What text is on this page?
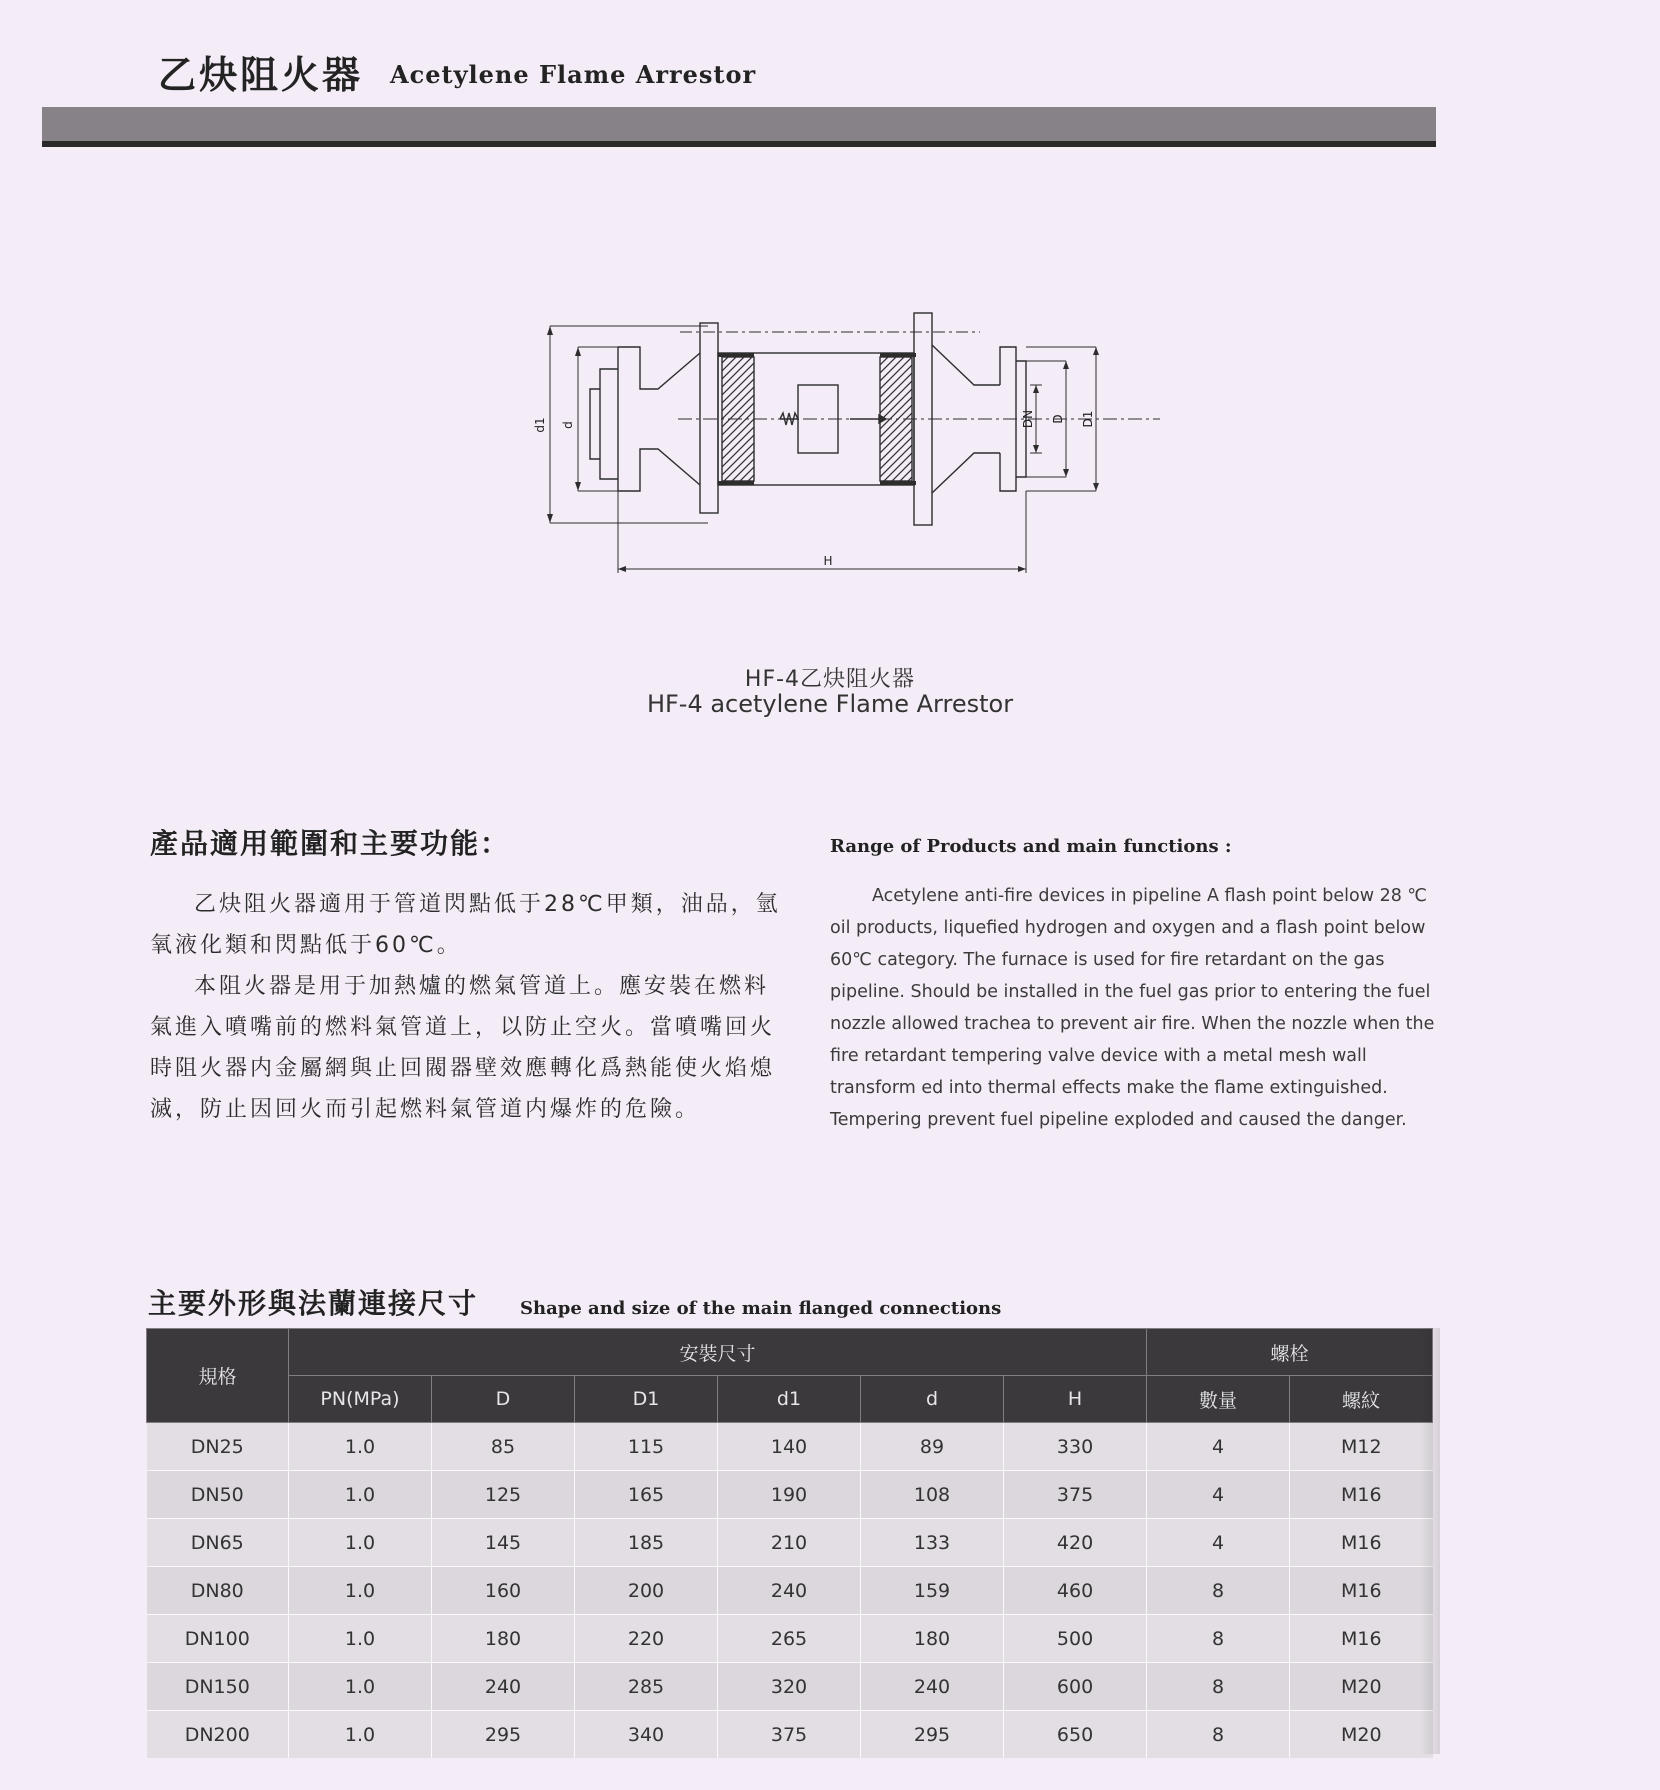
乙炔阻火器 Acetylene Flame Arrestor
d1 d	DN D D1
H
HF-4乙炔阻火器
HF-4 acetylene Flame Arrestor
產品適用範圍和主要功能：

乙炔阻火器適用于管道閃點低于28℃甲類，油品，氫氧液化類和閃點低于60℃。

本阻火器是用于加熱爐的燃氣管道上。應安裝在燃料氣進入噴嘴前的燃料氣管道上，以防止空火。當噴嘴回火時阻火器内金屬網與止回閥器壁效應轉化爲熱能使火焰熄滅，防止因回火而引起燃料氣管道内爆炸的危險。

Range of Products and main functions :
Acetylene anti-fire devices in pipeline A flash point below 28 ℃ oil products, liquefied hydrogen and oxygen and a flash point below 60℃ category. The furnace is used for fire retardant on the gas pipeline. Should be installed in the fuel gas prior to entering the fuel nozzle allowed trachea to prevent air fire. When the nozzle when the fire retardant tempering valve device with a metal mesh wall transform ed into thermal effects make the flame extinguished. Tempering prevent fuel pipeline exploded and caused the danger.
主要外形與法蘭連接尺寸 Shape and size of the main flanged connections
規格	安裝尺寸						螺栓	
	PN(MPa)	D	D1	d1	d	H	數量	螺紋
DN25	1.0	85	115	140	89	330	4	M12
DN50	1.0	125	165	190	108	375	4	M16
DN65	1.0	145	185	210	133	420	4	M16
DN80	1.0	160	200	240	159	460	8	M16
DN100	1.0	180	220	265	180	500	8	M16
DN150	1.0	240	285	320	240	600	8	M20
DN200	1.0	295	340	375	295	650	8	M20
